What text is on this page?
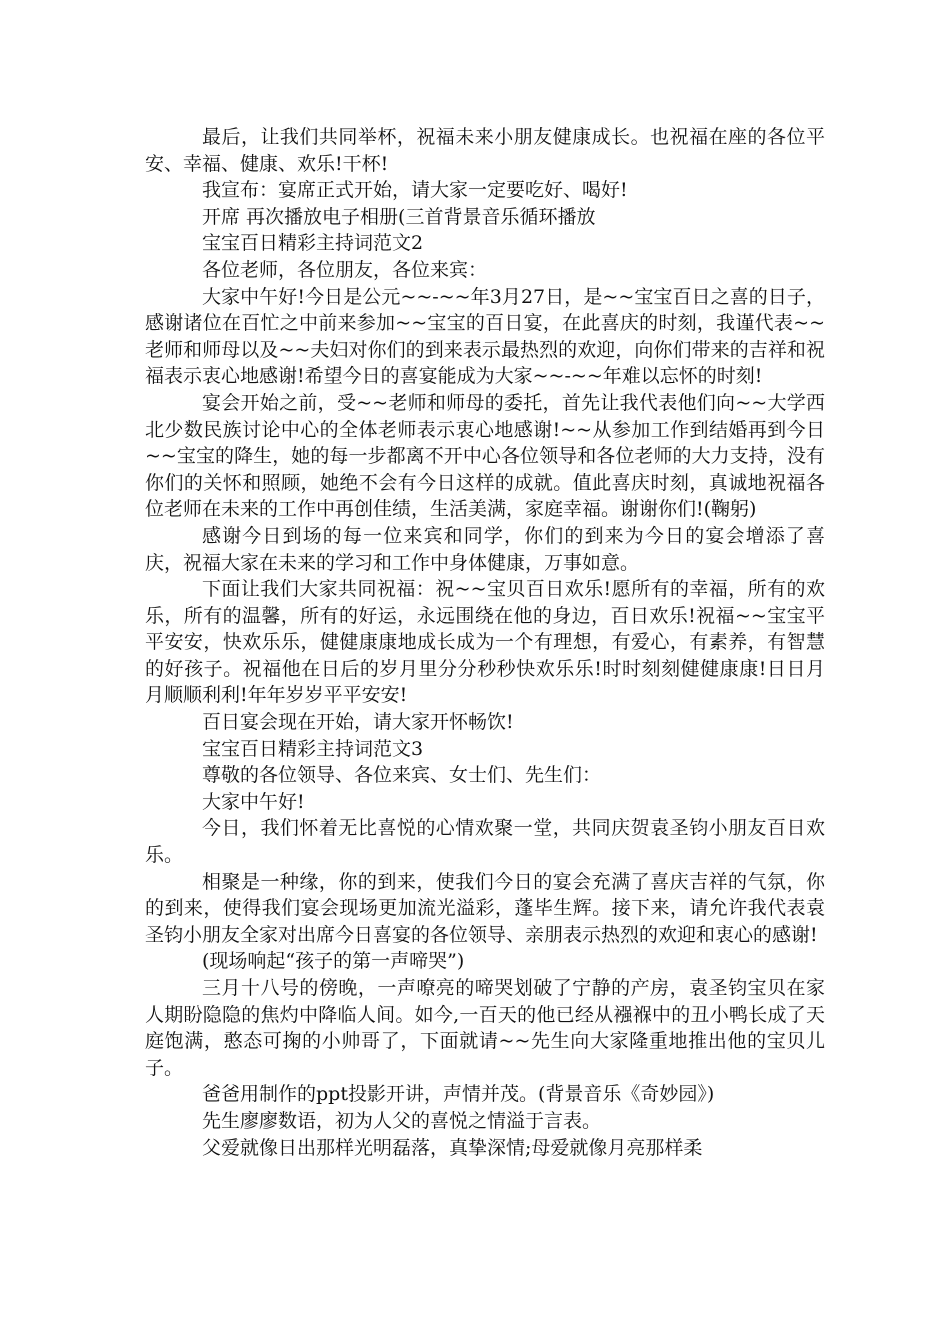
最后，让我们共同举杯，祝福未来小朋友健康成长。也祝福在座的各位平安、幸福、健康、欢乐!干杯!

我宣布：宴席正式开始，请大家一定要吃好、喝好!

开席 再次播放电子相册(三首背景音乐循环播放

宝宝百日精彩主持词范文2

各位老师，各位朋友，各位来宾：

大家中午好!今日是公元~~-~~年3月27日，是~~宝宝百日之喜的日子，感谢诸位在百忙之中前来参加~~宝宝的百日宴，在此喜庆的时刻，我谨代表~~老师和师母以及~~夫妇对你们的到来表示最热烈的欢迎，向你们带来的吉祥和祝福表示衷心地感谢!希望今日的喜宴能成为大家~~-~~年难以忘怀的时刻!

宴会开始之前，受~~老师和师母的委托，首先让我代表他们向~~大学西北少数民族讨论中心的全体老师表示衷心地感谢!~~从参加工作到结婚再到今日~~宝宝的降生，她的每一步都离不开中心各位领导和各位老师的大力支持，没有你们的关怀和照顾，她绝不会有今日这样的成就。值此喜庆时刻，真诚地祝福各位老师在未来的工作中再创佳绩，生活美满，家庭幸福。谢谢你们!(鞠躬)

感谢今日到场的每一位来宾和同学，你们的到来为今日的宴会增添了喜庆，祝福大家在未来的学习和工作中身体健康，万事如意。

下面让我们大家共同祝福：祝~~宝贝百日欢乐!愿所有的幸福，所有的欢乐，所有的温馨，所有的好运，永远围绕在他的身边，百日欢乐!祝福~~宝宝平平安安，快欢乐乐，健健康康地成长成为一个有理想，有爱心，有素养，有智慧的好孩子。祝福他在日后的岁月里分分秒秒快欢乐乐!时时刻刻健健康康!日日月月顺顺利利!年年岁岁平平安安!

百日宴会现在开始，请大家开怀畅饮!

宝宝百日精彩主持词范文3

尊敬的各位领导、各位来宾、女士们、先生们：

大家中午好!

今日，我们怀着无比喜悦的心情欢聚一堂，共同庆贺袁圣钧小朋友百日欢乐。

相聚是一种缘，你的到来，使我们今日的宴会充满了喜庆吉祥的气氛，你的到来，使得我们宴会现场更加流光溢彩，蓬毕生辉。接下来，请允许我代表袁圣钧小朋友全家对出席今日喜宴的各位领导、亲朋表示热烈的欢迎和衷心的感谢!

(现场响起“孩子的第一声啼哭”)

三月十八号的傍晚，一声嘹亮的啼哭划破了宁静的产房，袁圣钧宝贝在家人期盼隐隐的焦灼中降临人间。如今,一百天的他已经从襁褓中的丑小鸭长成了天庭饱满，憨态可掬的小帅哥了，下面就请~~先生向大家隆重地推出他的宝贝儿子。

爸爸用制作的ppt投影开讲，声情并茂。(背景音乐《奇妙园》)

先生廖廖数语，初为人父的喜悦之情溢于言表。

父爱就像日出那样光明磊落，真挚深情;母爱就像月亮那样柔
